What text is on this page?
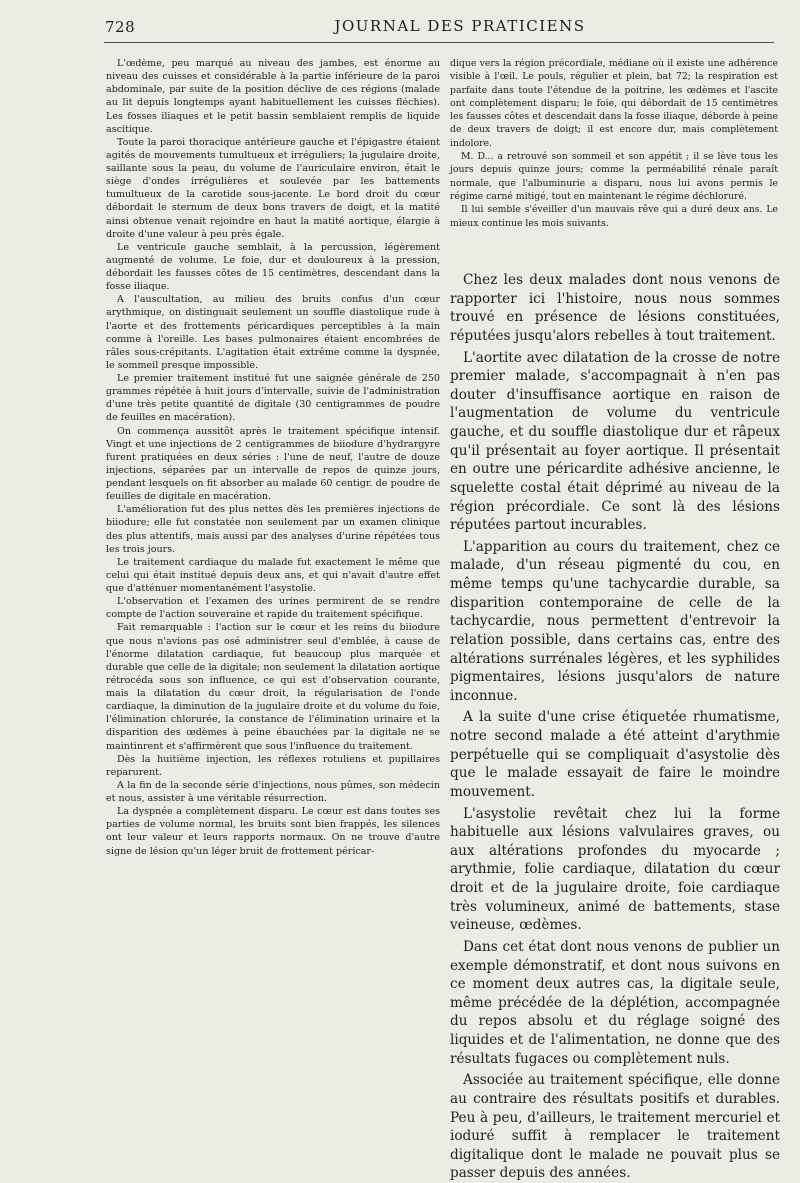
728	JOURNAL DES PRATICIENS

L'œdème, peu marqué au niveau des jambes, est énorme au niveau des cuisses et considérable à la partie inférieure de la paroi abdominale, par suite de la position déclive de ces régions (malade au lit depuis longtemps ayant habituellement les cuisses fléchies). Les fosses iliaques et le petit bassin semblaient remplis de liquide ascitique.

Toute la paroi thoracique antérieure gauche et l'épigastre étaient agités de mouvements tumultueux et irréguliers; la jugulaire droite, saillante sous la peau, du volume de l'auriculaire environ, était le siège d'ondes irrégulières et soulevée par les battements tumultueux de la carotide sous-jacente. Le bord droit du cœur débordait le sternum de deux bons travers de doigt, et la matité ainsi obtenue venait rejoindre en haut la matité aortique, élargie à droite d'une valeur à peu près égale.

Le ventricule gauche semblait, à la percussion, légèrement augmenté de volume. Le foie, dur et douloureux à la pression, débordait les fausses côtes de 15 centimètres, descendant dans la fosse iliaque.

A l'auscultation, au milieu des bruits confus d'un cœur arythmique, on distinguait seulement un souffle diastolique rude à l'aorte et des frottements péricardiques perceptibles à la main comme à l'oreille. Les bases pulmonaires étaient encombrées de râles sous-crépitants. L'agitation était extrême comme la dyspnée, le sommeil presque impossible.

Le premier traitement institué fut une saignée générale de 250 grammes répétée à huit jours d'intervalle, suivie de l'administration d'une très petite quantité de digitale (30 centigrammes de poudre de feuilles en macération).

On commença aussitôt après le traitement spécifique intensif. Vingt et une injections de 2 centigrammes de biiodure d'hydrargyre furent pratiquées en deux séries : l'une de neuf, l'autre de douze injections, séparées par un intervalle de repos de quinze jours, pendant lesquels on fit absorber au malade 60 centigr. de poudre de feuilles de digitale en macération.

L'amélioration fut des plus nettes dès les premières injections de biiodure; elle fut constatée non seulement par un examen clinique des plus attentifs, mais aussi par des analyses d'urine répétées tous les trois jours.

Le traitement cardiaque du malade fut exactement le même que celui qui était institué depuis deux ans, et qui n'avait d'autre effet que d'atténuer momentanément l'asystolie.

L'observation et l'examen des urines permirent de se rendre compte de l'action souveraine et rapide du traitement spécifique.

Fait remarquable : l'action sur le cœur et les reins du biiodure que nous n'avions pas osé administrer seul d'emblée, à cause de l'énorme dilatation cardiaque, fut beaucoup plus marquée et durable que celle de la digitale; non seulement la dilatation aortique rétrocéda sous son influence, ce qui est d'observation courante, mais la dilatation du cœur droit, la régularisation de l'onde cardiaque, la diminution de la jugulaire droite et du volume du foie, l'élimination chlorurée, la constance de l'élimination urinaire et la disparition des œdèmes à peine ébauchées par la digitale ne se maintinrent et s'affirmèrent que sous l'influence du traitement.

Dès la huitième injection, les réflexes rotuliens et pupillaires reparurent.

A la fin de la seconde série d'injections, nous pûmes, son médecin et nous, assister à une véritable résurrection.

La dyspnée a complètement disparu. Le cœur est dans toutes ses parties de volume normal, les bruits sont bien frappés, les silences ont leur valeur et leurs rapports normaux. On ne trouve d'autre signe de lésion qu'un léger bruit de frottement péricar-

dique vers la région précordiale, médiane où il existe une adhérence visible à l'œil. Le pouls, régulier et plein, bat 72; la respiration est parfaite dans toute l'étendue de la poitrine, les œdèmes et l'ascite ont complètement disparu; le foie, qui débordait de 15 centimètres les fausses côtes et descendait dans la fosse iliaque, déborde à peine de deux travers de doigt; il est encore dur, mais complètement indolore.

M. D... a retrouvé son sommeil et son appétit ; il se lève tous les jours depuis quinze jours; comme la perméabilité rénale paraît normale, que l'albuminurie a disparu, nous lui avons permis le régime carné mitigé, tout en maintenant le régime déchloruré.

Il lui semble s'éveiller d'un mauvais rêve qui a duré deux ans. Le mieux continue les mois suivants.

Chez les deux malades dont nous venons de rapporter ici l'histoire, nous nous sommes trouvé en présence de lésions constituées, réputées jusqu'alors rebelles à tout traitement.

L'aortite avec dilatation de la crosse de notre premier malade, s'accompagnait à n'en pas douter d'insuffisance aortique en raison de l'augmentation de volume du ventricule gauche, et du souffle diastolique dur et râpeux qu'il présentait au foyer aortique. Il présentait en outre une péricardite adhésive ancienne, le squelette costal était déprimé au niveau de la région précordiale. Ce sont là des lésions réputées partout incurables.

L'apparition au cours du traitement, chez ce malade, d'un réseau pigmenté du cou, en même temps qu'une tachycardie durable, sa disparition contemporaine de celle de la tachycardie, nous permettent d'entrevoir la relation possible, dans certains cas, entre des altérations surrénales légères, et les syphilides pigmentaires, lésions jusqu'alors de nature inconnue.

A la suite d'une crise étiquetée rhumatisme, notre second malade a été atteint d'arythmie perpétuelle qui se compliquait d'asystolie dès que le malade essayait de faire le moindre mouvement.

L'asystolie revêtait chez lui la forme habituelle aux lésions valvulaires graves, ou aux altérations profondes du myocarde ; arythmie, folie cardiaque, dilatation du cœur droit et de la jugulaire droite, foie cardiaque très volumineux, animé de battements, stase veineuse, œdèmes.

Dans cet état dont nous venons de publier un exemple démonstratif, et dont nous suivons en ce moment deux autres cas, la digitale seule, même précédée de la déplétion, accompagnée du repos absolu et du réglage soigné des liquides et de l'alimentation, ne donne que des résultats fugaces ou complètement nuls.

Associée au traitement spécifique, elle donne au contraire des résultats positifs et durables. Peu à peu, d'ailleurs, le traitement mercuriel et ioduré suffit à remplacer le traitement digitalique dont le malade ne pouvait plus se passer depuis des années.
